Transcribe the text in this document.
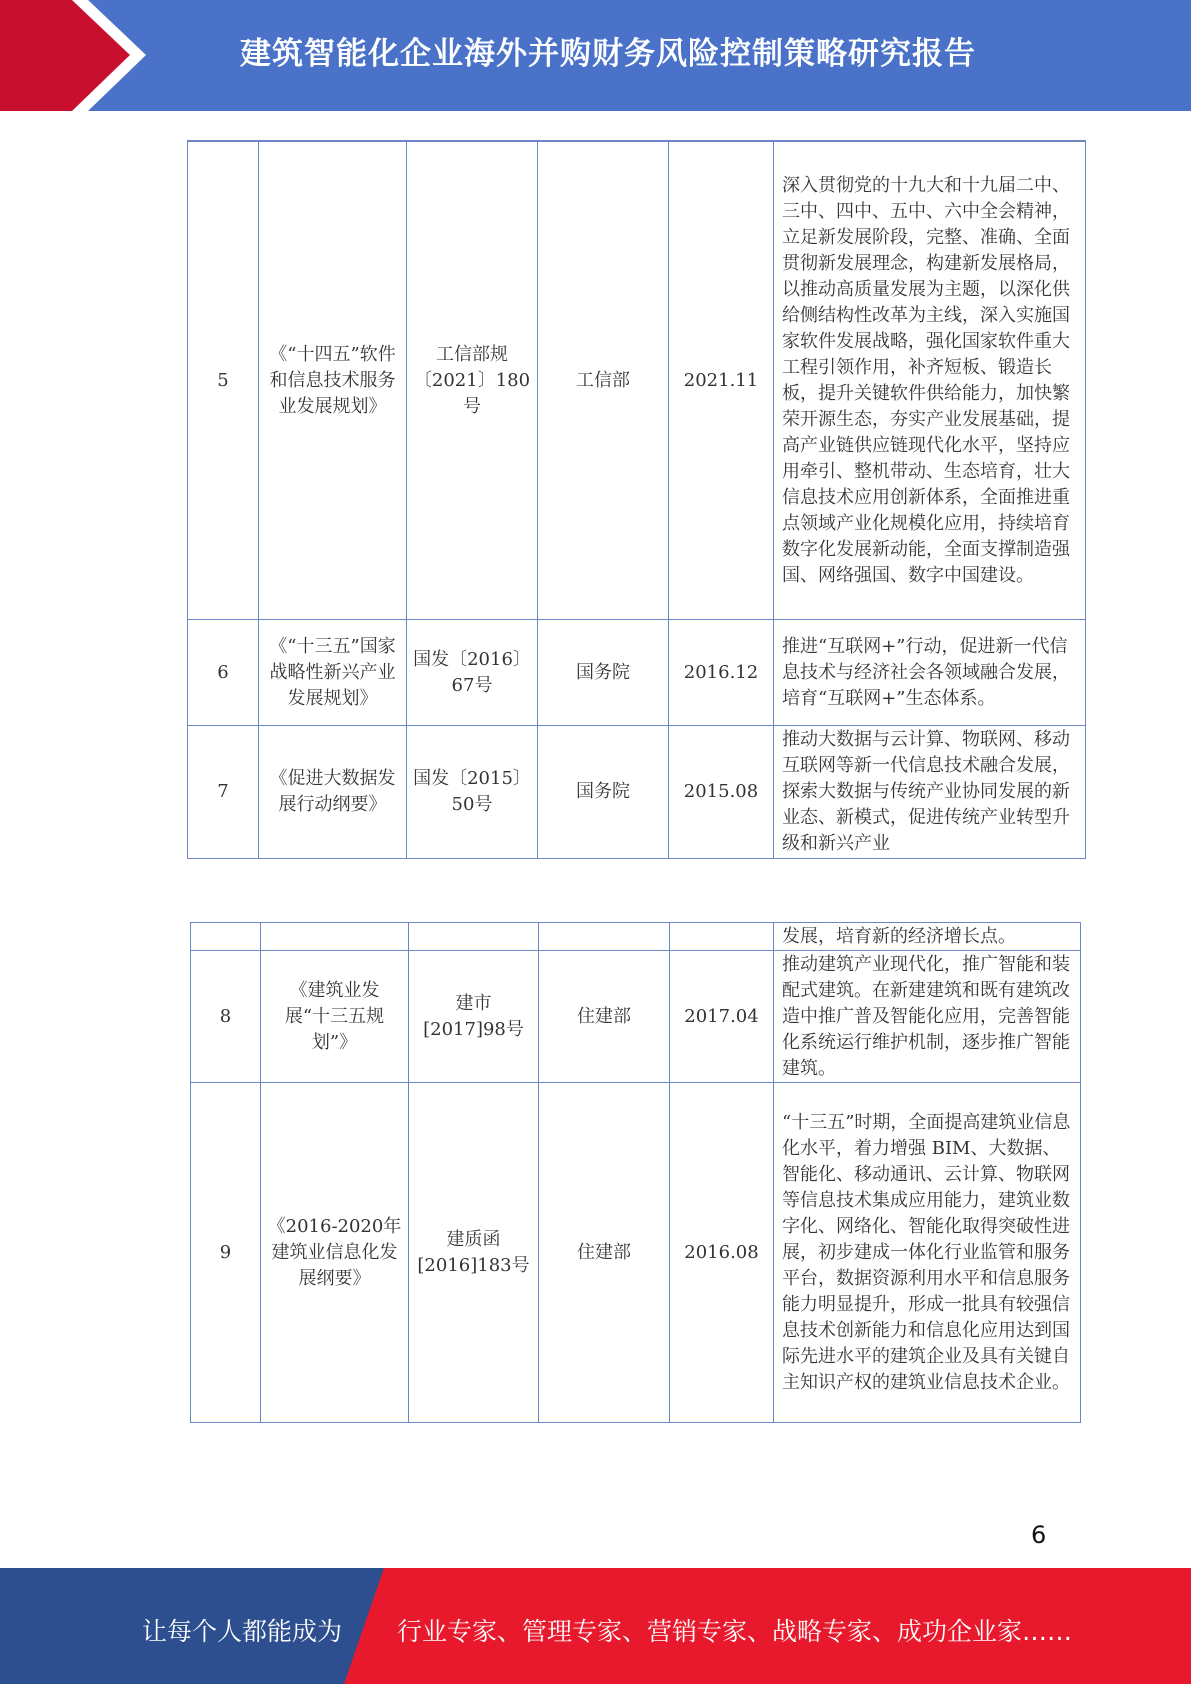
建筑智能化企业海外并购财务风险控制策略研究报告

5	《“十四五”软件和信息技术服务业发展规划》	工信部规〔2021〕180号	工信部	2021.11	深入贯彻党的十九大和十九届二中、三中、四中、五中、六中全会精神，立足新发展阶段，完整、准确、全面贯彻新发展理念，构建新发展格局，以推动高质量发展为主题，以深化供给侧结构性改革为主线，深入实施国家软件发展战略，强化国家软件重大工程引领作用，补齐短板、锻造长板，提升关键软件供给能力，加快繁荣开源生态，夯实产业发展基础，提高产业链供应链现代化水平，坚持应用牵引、整机带动、生态培育，壮大信息技术应用创新体系，全面推进重点领域产业化规模化应用，持续培育数字化发展新动能，全面支撑制造强国、网络强国、数字中国建设。
6	《“十三五”国家战略性新兴产业发展规划》	国发〔2016〕67号	国务院	2016.12	推进“互联网+”行动，促进新一代信息技术与经济社会各领域融合发展，培育“互联网+”生态体系。
7	《促进大数据发展行动纲要》	国发〔2015〕50号	国务院	2015.08	推动大数据与云计算、物联网、移动互联网等新一代信息技术融合发展，探索大数据与传统产业协同发展的新业态、新模式，促进传统产业转型升级和新兴产业
					发展，培育新的经济增长点。
8	《建筑业发展“十三五规划”》	建市[2017]98号	住建部	2017.04	推动建筑产业现代化，推广智能和装配式建筑。在新建建筑和既有建筑改造中推广普及智能化应用，完善智能化系统运行维护机制，逐步推广智能建筑。
9	《2016-2020年建筑业信息化发展纲要》	建质函[2016]183号	住建部	2016.08	“十三五”时期，全面提高建筑业信息化水平，着力增强 BIM、大数据、智能化、移动通讯、云计算、物联网等信息技术集成应用能力，建筑业数字化、网络化、智能化取得突破性进展，初步建成一体化行业监管和服务平台，数据资源利用水平和信息服务能力明显提升，形成一批具有较强信息技术创新能力和信息化应用达到国际先进水平的建筑企业及具有关键自主知识产权的建筑业信息技术企业。
6
让每个人都能成为 行业专家、管理专家、营销专家、战略专家、成功企业家……
